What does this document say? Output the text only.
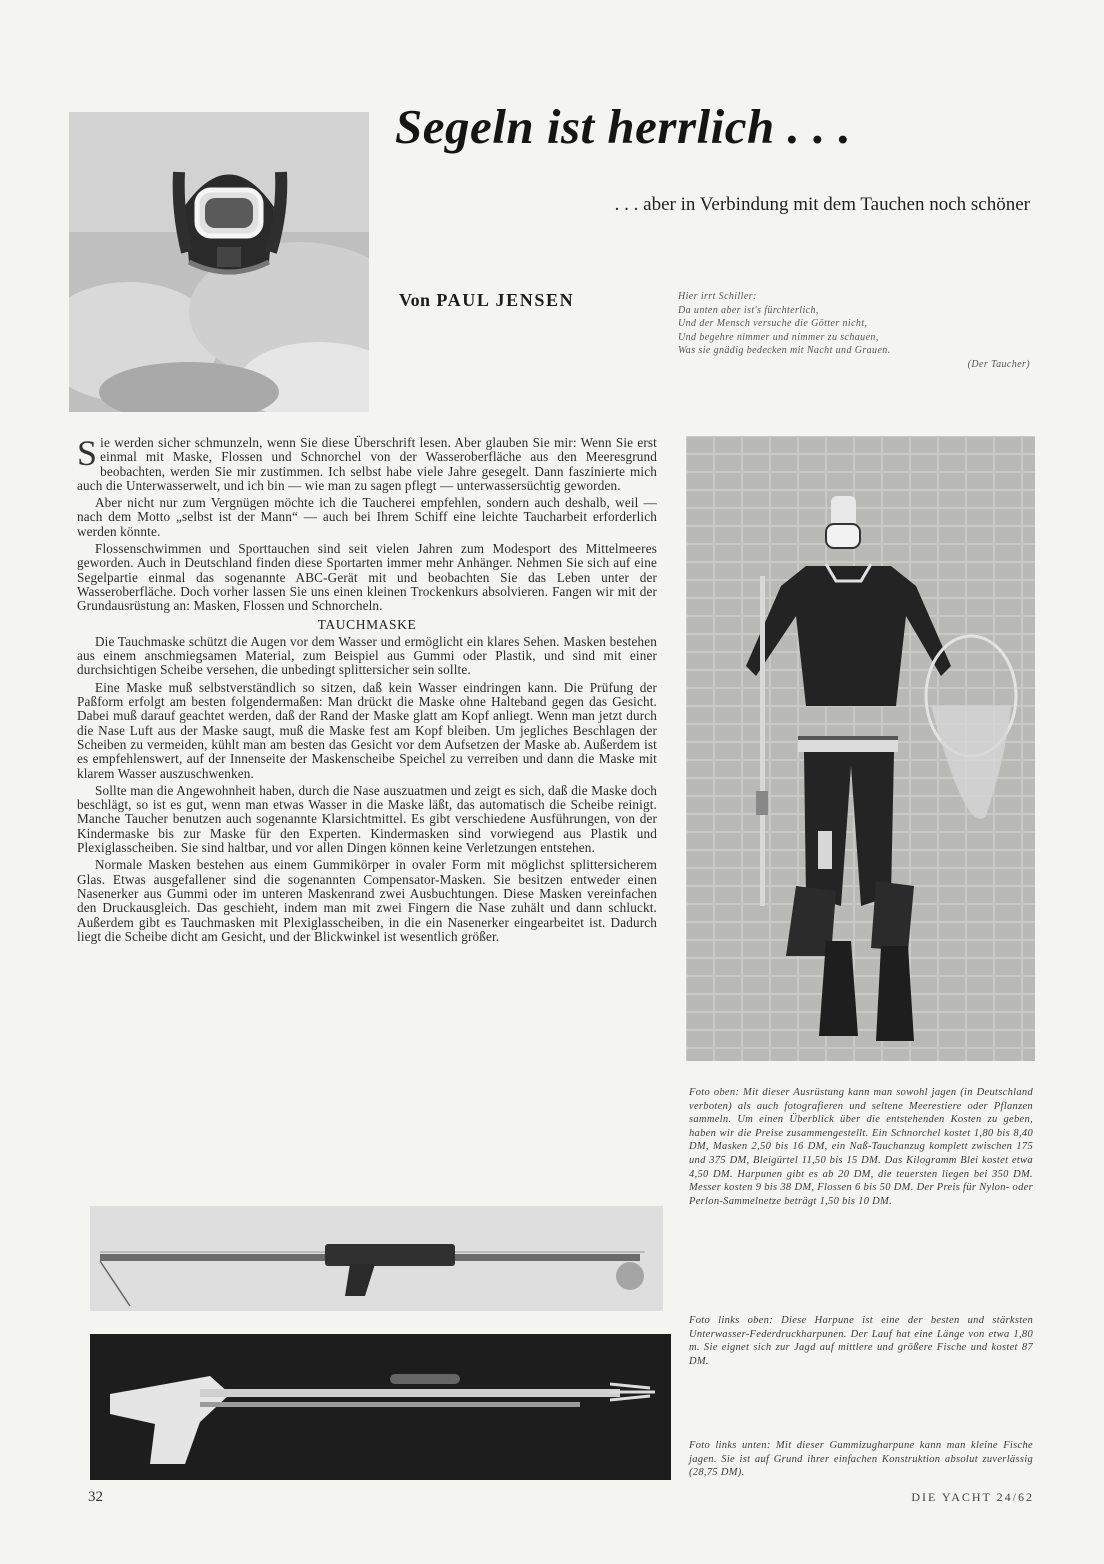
Segeln ist herrlich . . .
. . . aber in Verbindung mit dem Tauchen noch schöner
Von PAUL JENSEN	Hier irrt Schiller:
Da unten aber ist's fürchterlich,
Und der Mensch versuche die Götter nicht,
Und begehre nimmer und nimmer zu schauen,
Was sie gnädig bedecken mit Nacht und Grauen.
(Der Taucher)

Sie werden sicher schmunzeln, wenn Sie diese Überschrift lesen. Aber glauben Sie mir: Wenn Sie erst einmal mit Maske, Flossen und Schnorchel von der Wasseroberfläche aus den Meeresgrund beobachten, werden Sie mir zustimmen. Ich selbst habe viele Jahre gesegelt. Dann faszinierte mich auch die Unterwasserwelt, und ich bin — wie man zu sagen pflegt — unterwassersüchtig geworden.

Aber nicht nur zum Vergnügen möchte ich die Taucherei empfehlen, sondern auch deshalb, weil — nach dem Motto „selbst ist der Mann“ — auch bei Ihrem Schiff eine leichte Taucharbeit erforderlich werden könnte.

Flossenschwimmen und Sporttauchen sind seit vielen Jahren zum Modesport des Mittelmeeres geworden. Auch in Deutschland finden diese Sportarten immer mehr Anhänger. Nehmen Sie sich auf eine Segelpartie einmal das sogenannte ABC-Gerät mit und beobachten Sie das Leben unter der Wasseroberfläche. Doch vorher lassen Sie uns einen kleinen Trockenkurs absolvieren. Fangen wir mit der Grundausrüstung an: Masken, Flossen und Schnorcheln.

TAUCHMASKE

Die Tauchmaske schützt die Augen vor dem Wasser und ermöglicht ein klares Sehen. Masken bestehen aus einem anschmiegsamen Material, zum Beispiel aus Gummi oder Plastik, und sind mit einer durchsichtigen Scheibe versehen, die unbedingt splittersicher sein sollte.

Eine Maske muß selbstverständlich so sitzen, daß kein Wasser eindringen kann. Die Prüfung der Paßform erfolgt am besten folgendermaßen: Man drückt die Maske ohne Halteband gegen das Gesicht. Dabei muß darauf geachtet werden, daß der Rand der Maske glatt am Kopf anliegt. Wenn man jetzt durch die Nase Luft aus der Maske saugt, muß die Maske fest am Kopf bleiben. Um jegliches Beschlagen der Scheiben zu vermeiden, kühlt man am besten das Gesicht vor dem Aufsetzen der Maske ab. Außerdem ist es empfehlenswert, auf der Innenseite der Maskenscheibe Speichel zu verreiben und dann die Maske mit klarem Wasser auszuschwenken.

Sollte man die Angewohnheit haben, durch die Nase auszuatmen und zeigt es sich, daß die Maske doch beschlägt, so ist es gut, wenn man etwas Wasser in die Maske läßt, das automatisch die Scheibe reinigt. Manche Taucher benutzen auch sogenannte Klarsichtmittel. Es gibt verschiedene Ausführungen, von der Kindermaske bis zur Maske für den Experten. Kindermasken sind vorwiegend aus Plastik und Plexiglasscheiben. Sie sind haltbar, und vor allen Dingen können keine Verletzungen entstehen.

Normale Masken bestehen aus einem Gummikörper in ovaler Form mit möglichst splittersicherem Glas. Etwas ausgefallener sind die sogenannten Compensator-Masken. Sie besitzen entweder einen Nasenerker aus Gummi oder im unteren Maskenrand zwei Ausbuchtungen. Diese Masken vereinfachen den Druckausgleich. Das geschieht, indem man mit zwei Fingern die Nase zuhält und dann schluckt. Außerdem gibt es Tauchmasken mit Plexiglasscheiben, in die ein Nasenerker eingearbeitet ist. Dadurch liegt die Scheibe dicht am Gesicht, und der Blickwinkel ist wesentlich größer.

Foto oben: Mit dieser Ausrüstung kann man sowohl jagen (in Deutschland verboten) als auch fotografieren und seltene Meerestiere oder Pflanzen sammeln. Um einen Überblick über die entstehenden Kosten zu geben, haben wir die Preise zusammengestellt. Ein Schnorchel kostet 1,80 bis 8,40 DM, Masken 2,50 bis 16 DM, ein Naß-Tauchanzug komplett zwischen 175 und 375 DM, Bleigürtel 11,50 bis 15 DM. Das Kilogramm Blei kostet etwa 4,50 DM. Harpunen gibt es ab 20 DM, die teuersten liegen bei 350 DM. Messer kosten 9 bis 38 DM, Flossen 6 bis 50 DM. Der Preis für Nylon- oder Perlon-Sammelnetze beträgt 1,50 bis 10 DM.
Foto links oben: Diese Harpune ist eine der besten und stärksten Unterwasser-Federdruckharpunen. Der Lauf hat eine Länge von etwa 1,80 m. Sie eignet sich zur Jagd auf mittlere und größere Fische und kostet 87 DM.
Foto links unten: Mit dieser Gummizugharpune kann man kleine Fische jagen. Sie ist auf Grund ihrer einfachen Konstruktion absolut zuverlässig (28,75 DM).
32	DIE YACHT 24/62
